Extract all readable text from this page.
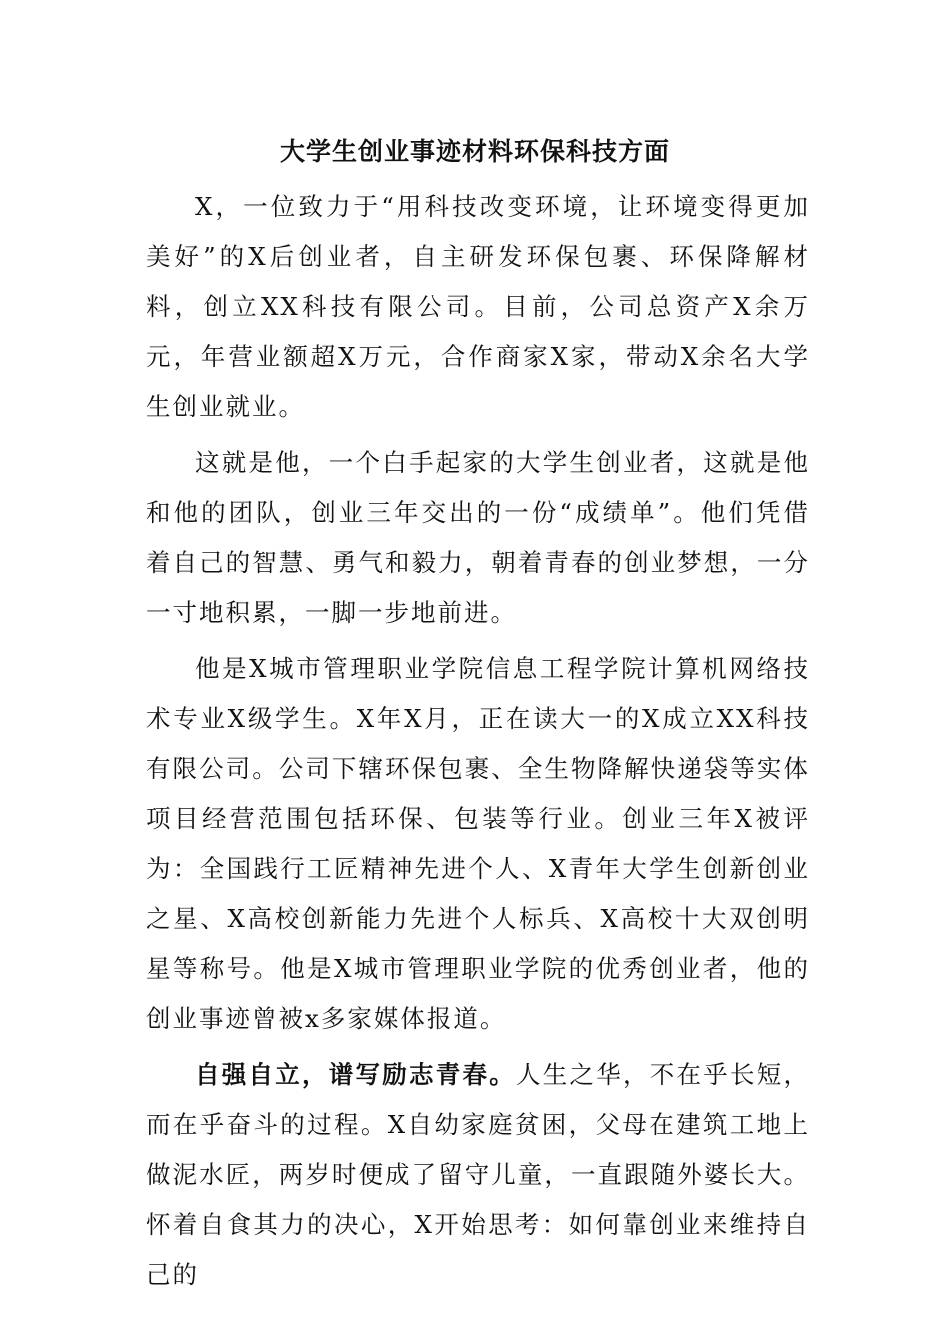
大学生创业事迹材料环保科技方面

X，一位致力于“用科技改变环境，让环境变得更加美好”的X后创业者，自主研发环保包裹、环保降解材料，创立XX科技有限公司。目前，公司总资产X余万元，年营业额超X万元，合作商家X家，带动X余名大学生创业就业。

这就是他，一个白手起家的大学生创业者，这就是他和他的团队，创业三年交出的一份“成绩单”。他们凭借着自己的智慧、勇气和毅力，朝着青春的创业梦想，一分一寸地积累，一脚一步地前进。

他是X城市管理职业学院信息工程学院计算机网络技术专业X级学生。X年X月，正在读大一的X成立XX科技有限公司。公司下辖环保包裹、全生物降解快递袋等实体项目经营范围包括环保、包装等行业。创业三年X被评为：全国践行工匠精神先进个人、X青年大学生创新创业之星、X高校创新能力先进个人标兵、X高校十大双创明星等称号。他是X城市管理职业学院的优秀创业者，他的创业事迹曾被x多家媒体报道。

自强自立，谱写励志青春。人生之华，不在乎长短，而在乎奋斗的过程。X自幼家庭贫困，父母在建筑工地上做泥水匠，两岁时便成了留守儿童，一直跟随外婆长大。怀着自食其力的决心，X开始思考：如何靠创业来维持自己的
